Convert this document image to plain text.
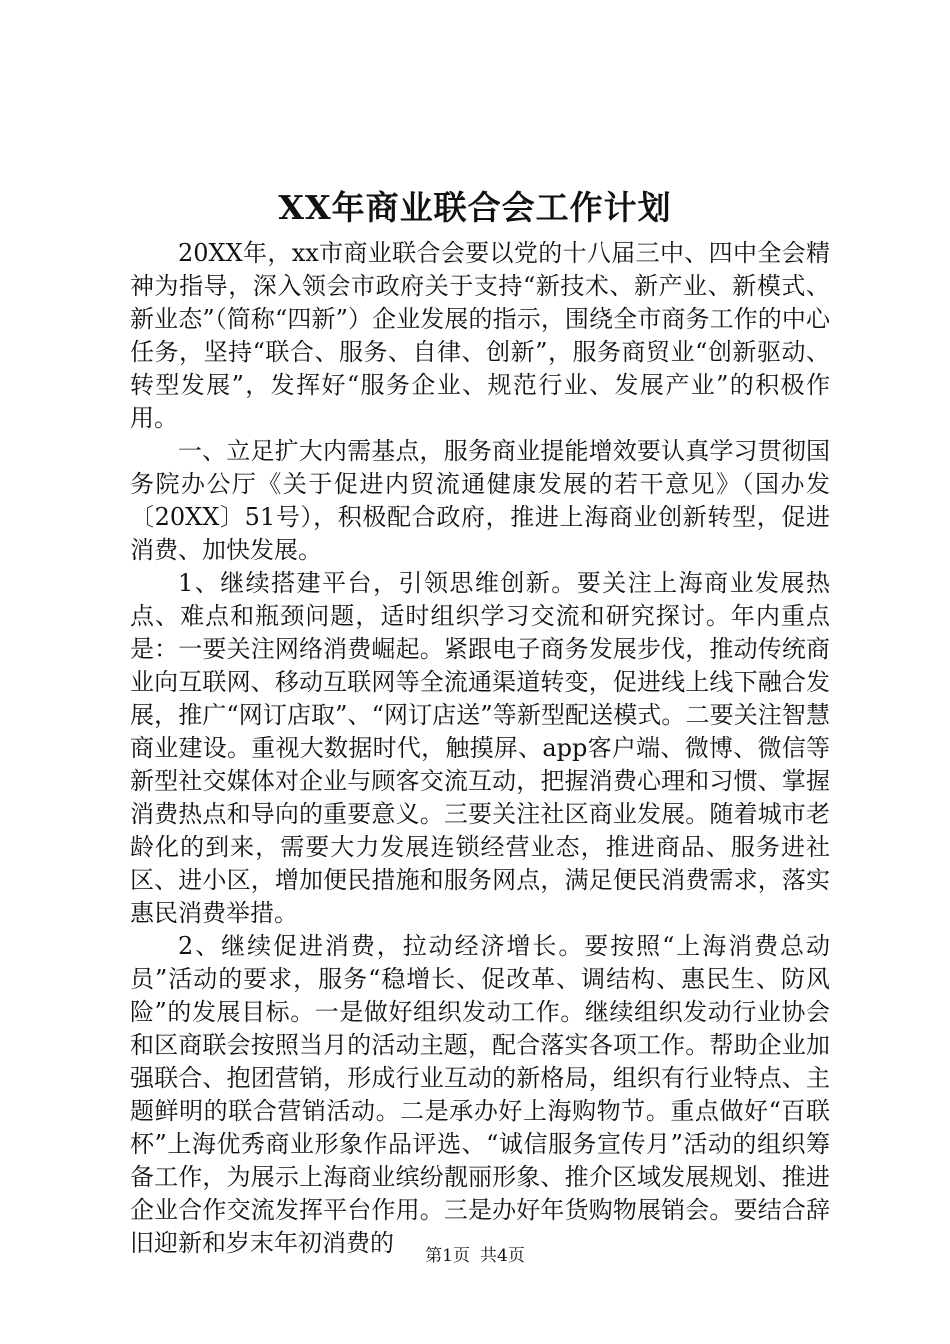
XX年商业联合会工作计划

20XX年，xx市商业联合会要以党的十八届三中、四中全会精神为指导，深入领会市政府关于支持“新技术、新产业、新模式、新业态”（简称“四新”）企业发展的指示，围绕全市商务工作的中心任务，坚持“联合、服务、自律、创新”，服务商贸业“创新驱动、转型发展”，发挥好“服务企业、规范行业、发展产业”的积极作用。

一、立足扩大内需基点，服务商业提能增效要认真学习贯彻国务院办公厅《关于促进内贸流通健康发展的若干意见》（国办发〔20XX〕51号），积极配合政府，推进上海商业创新转型，促进消费、加快发展。

1、继续搭建平台，引领思维创新。要关注上海商业发展热点、难点和瓶颈问题，适时组织学习交流和研究探讨。年内重点是：一要关注网络消费崛起。紧跟电子商务发展步伐，推动传统商业向互联网、移动互联网等全流通渠道转变，促进线上线下融合发展，推广“网订店取”、“网订店送”等新型配送模式。二要关注智慧商业建设。重视大数据时代，触摸屏、app客户端、微博、微信等新型社交媒体对企业与顾客交流互动，把握消费心理和习惯、掌握消费热点和导向的重要意义。三要关注社区商业发展。随着城市老龄化的到来，需要大力发展连锁经营业态，推进商品、服务进社区、进小区，增加便民措施和服务网点，满足便民消费需求，落实惠民消费举措。

2、继续促进消费，拉动经济增长。要按照“上海消费总动员”活动的要求，服务“稳增长、促改革、调结构、惠民生、防风险”的发展目标。一是做好组织发动工作。继续组织发动行业协会和区商联会按照当月的活动主题，配合落实各项工作。帮助企业加强联合、抱团营销，形成行业互动的新格局，组织有行业特点、主题鲜明的联合营销活动。二是承办好上海购物节。重点做好“百联杯”上海优秀商业形象作品评选、“诚信服务宣传月”活动的组织筹备工作，为展示上海商业缤纷靓丽形象、推介区域发展规划、推进企业合作交流发挥平台作用。三是办好年货购物展销会。要结合辞旧迎新和岁末年初消费的	第1页 共4页
